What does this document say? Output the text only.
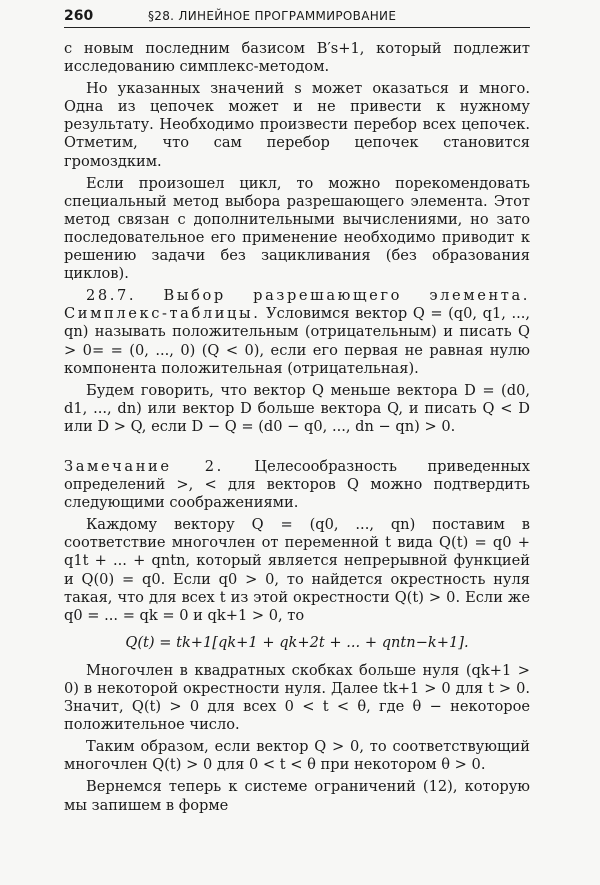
260	§28. ЛИНЕЙНОЕ ПРОГРАММИРОВАНИЕ

с новым последним базисом B′s+1, который подлежит исследованию симплекс-методом.

Но указанных значений s может оказаться и много. Одна из цепочек может и не привести к нужному результату. Необходимо произвести перебор всех цепочек. Отметим, что сам перебор цепочек становится громоздким.

Если произошел цикл, то можно порекомендовать специальный метод выбора разрешающего элемента. Этот метод связан с дополнительными вычислениями, но зато последовательное его применение необходимо приводит к решению задачи без зацикливания (без образования циклов).

28.7. Выбор разрешающего элемента. Симплекс-таблицы. Условимся вектор Q = (q0, q1, ..., qn) называть положительным (отрицательным) и писать Q > 0= = (0, ..., 0) (Q < 0), если его первая не равная нулю компонента положительная (отрицательная).

Будем говорить, что вектор Q меньше вектора D = (d0, d1, ..., dn) или вектор D больше вектора Q, и писать Q < D или D > Q, если D − Q = (d0 − q0, ..., dn − qn) > 0.

Замечание 2. Целесообразность приведенных определений >, < для векторов Q можно подтвердить следующими соображениями.

Каждому вектору Q = (q0, ..., qn) поставим в соответствие многочлен от переменной t вида Q(t) = q0 + q1t + ... + qntn, который является непрерывной функцией и Q(0) = q0. Если q0 > 0, то найдется окрестность нуля такая, что для всех t из этой окрестности Q(t) > 0. Если же q0 = ... = qk = 0 и qk+1 > 0, то

Q(t) = tk+1[qk+1 + qk+2t + ... + qntn−k+1].

Многочлен в квадратных скобках больше нуля (qk+1 > 0) в некоторой окрестности нуля. Далее tk+1 > 0 для t > 0. Значит, Q(t) > 0 для всех 0 < t < θ, где θ − некоторое положительное число.

Таким образом, если вектор Q > 0, то соответствующий многочлен Q(t) > 0 для 0 < t < θ при некотором θ > 0.

Вернемся теперь к системе ограничений (12), которую мы запишем в форме
